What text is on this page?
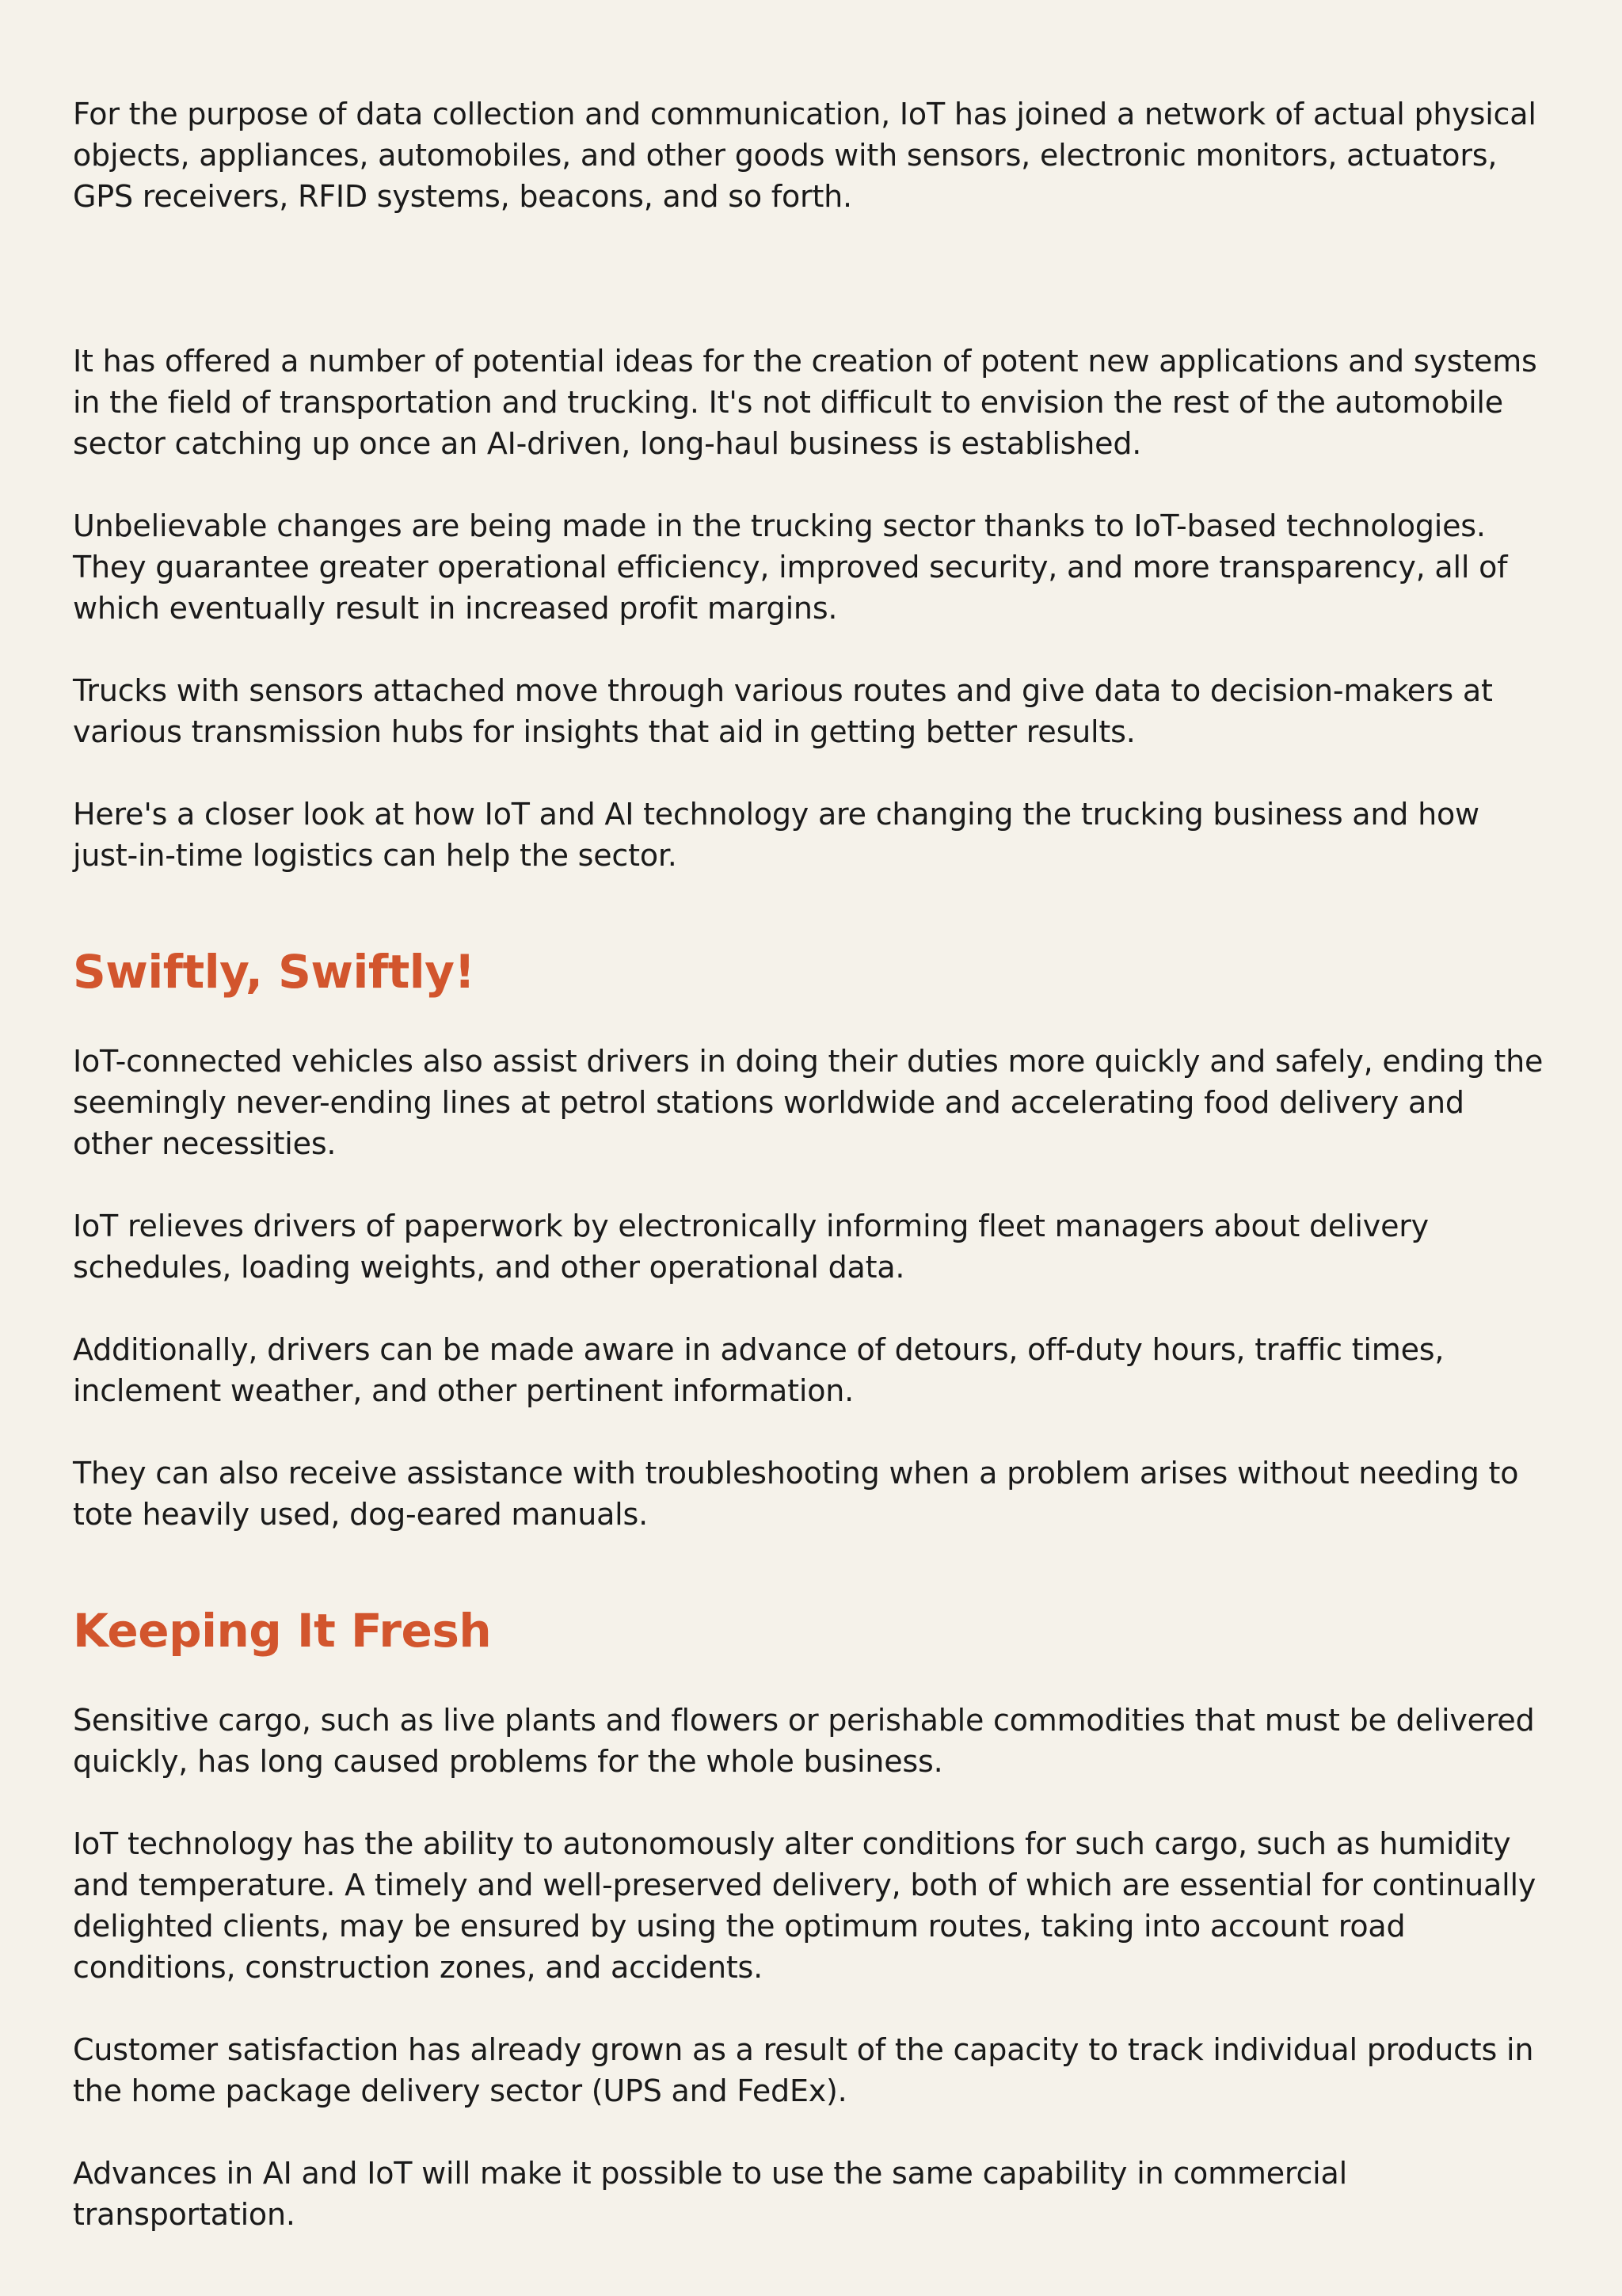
For the purpose of data collection and communication, IoT has joined a network of actual physical objects, appliances, automobiles, and other goods with sensors, electronic monitors, actuators, GPS receivers, RFID systems, beacons, and so forth.

It has offered a number of potential ideas for the creation of potent new applications and systems in the field of transportation and trucking. It's not difficult to envision the rest of the automobile sector catching up once an AI-driven, long-haul business is established.

Unbelievable changes are being made in the trucking sector thanks to IoT-based technologies. They guarantee greater operational efficiency, improved security, and more transparency, all of which eventually result in increased profit margins.

Trucks with sensors attached move through various routes and give data to decision-makers at various transmission hubs for insights that aid in getting better results.

Here's a closer look at how IoT and AI technology are changing the trucking business and how just-in-time logistics can help the sector.

Swiftly, Swiftly!

IoT-connected vehicles also assist drivers in doing their duties more quickly and safely, ending the seemingly never-ending lines at petrol stations worldwide and accelerating food delivery and other necessities.

IoT relieves drivers of paperwork by electronically informing fleet managers about delivery schedules, loading weights, and other operational data.

Additionally, drivers can be made aware in advance of detours, off-duty hours, traffic times, inclement weather, and other pertinent information.

They can also receive assistance with troubleshooting when a problem arises without needing to tote heavily used, dog-eared manuals.

Keeping It Fresh

Sensitive cargo, such as live plants and flowers or perishable commodities that must be delivered quickly, has long caused problems for the whole business.

IoT technology has the ability to autonomously alter conditions for such cargo, such as humidity and temperature. A timely and well-preserved delivery, both of which are essential for continually delighted clients, may be ensured by using the optimum routes, taking into account road conditions, construction zones, and accidents.

Customer satisfaction has already grown as a result of the capacity to track individual products in the home package delivery sector (UPS and FedEx).

Advances in AI and IoT will make it possible to use the same capability in commercial transportation.
